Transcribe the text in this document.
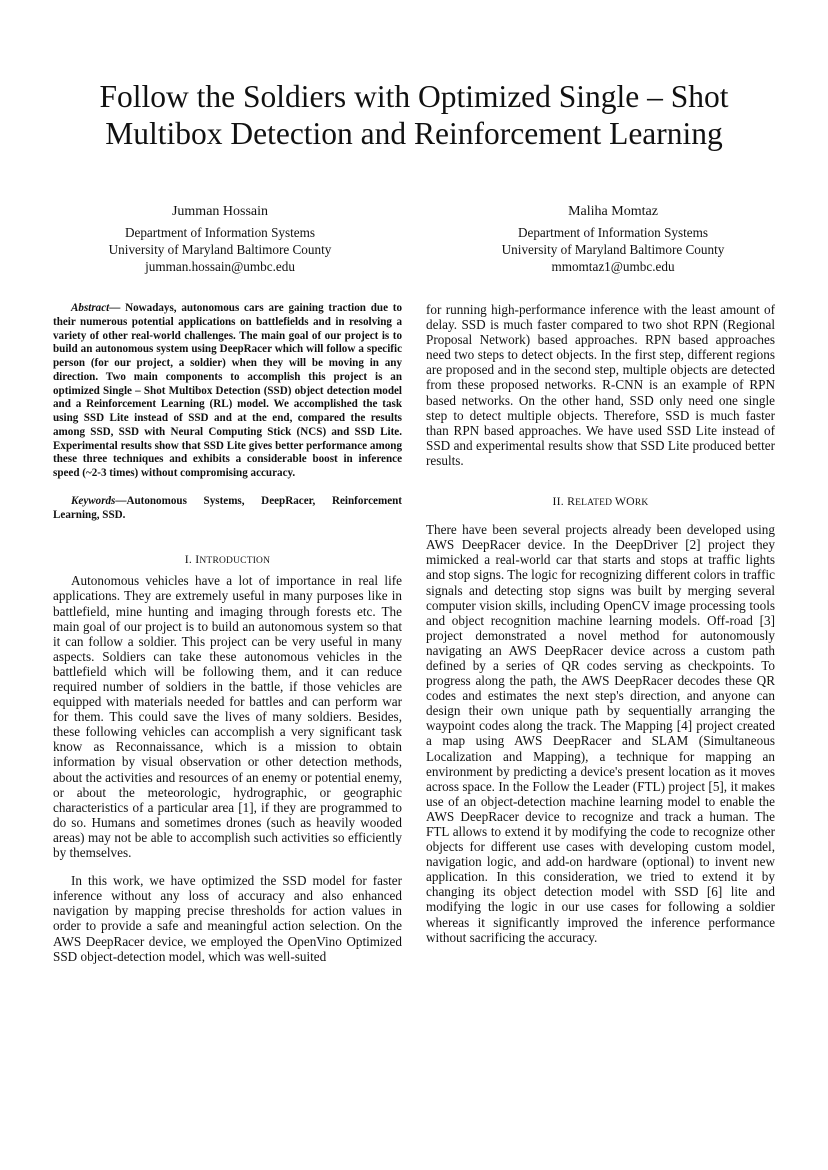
Follow the Soldiers with Optimized Single – Shot
Multibox Detection and Reinforcement Learning
Jumman Hossain
Department of Information Systems
University of Maryland Baltimore County
jumman.hossain@umbc.edu
Maliha Momtaz
Department of Information Systems
University of Maryland Baltimore County
mmomtaz1@umbc.edu

Abstract— Nowadays, autonomous cars are gaining traction due to their numerous potential applications on battlefields and in resolving a variety of other real-world challenges. The main goal of our project is to build an autonomous system using DeepRacer which will follow a specific person (for our project, a soldier) when they will be moving in any direction. Two main components to accomplish this project is an optimized Single – Shot Multibox Detection (SSD) object detection model and a Reinforcement Learning (RL) model. We accomplished the task using SSD Lite instead of SSD and at the end, compared the results among SSD, SSD with Neural Computing Stick (NCS) and SSD Lite. Experimental results show that SSD Lite gives better performance among these three techniques and exhibits a considerable boost in inference speed (~2-3 times) without compromising accuracy.

Keywords—Autonomous Systems, DeepRacer, Reinforcement Learning, SSD.

I. INTRODUCTION

Autonomous vehicles have a lot of importance in real life applications. They are extremely useful in many purposes like in battlefield, mine hunting and imaging through forests etc. The main goal of our project is to build an autonomous system so that it can follow a soldier. This project can be very useful in many aspects. Soldiers can take these autonomous vehicles in the battlefield which will be following them, and it can reduce required number of soldiers in the battle, if those vehicles are equipped with materials needed for battles and can perform war for them. This could save the lives of many soldiers. Besides, these following vehicles can accomplish a very significant task know as Reconnaissance, which is a mission to obtain information by visual observation or other detection methods, about the activities and resources of an enemy or potential enemy, or about the meteorologic, hydrographic, or geographic characteristics of a particular area [1], if they are programmed to do so. Humans and sometimes drones (such as heavily wooded areas) may not be able to accomplish such activities so efficiently by themselves.

In this work, we have optimized the SSD model for faster inference without any loss of accuracy and also enhanced navigation by mapping precise thresholds for action values in order to provide a safe and meaningful action selection. On the AWS DeepRacer device, we employed the OpenVino Optimized SSD object-detection model, which was well-suited

for running high-performance inference with the least amount of delay. SSD is much faster compared to two shot RPN (Regional Proposal Network) based approaches. RPN based approaches need two steps to detect objects. In the first step, different regions are proposed and in the second step, multiple objects are detected from these proposed networks. R-CNN is an example of RPN based networks. On the other hand, SSD only need one single step to detect multiple objects. Therefore, SSD is much faster than RPN based approaches. We have used SSD Lite instead of SSD and experimental results show that SSD Lite produced better results.

II. RELATED WORK

There have been several projects already been developed using AWS DeepRacer device. In the DeepDriver [2] project they mimicked a real-world car that starts and stops at traffic lights and stop signs. The logic for recognizing different colors in traffic signals and detecting stop signs was built by merging several computer vision skills, including OpenCV image processing tools and object recognition machine learning models. Off-road [3] project demonstrated a novel method for autonomously navigating an AWS DeepRacer device across a custom path defined by a series of QR codes serving as checkpoints. To progress along the path, the AWS DeepRacer decodes these QR codes and estimates the next step's direction, and anyone can design their own unique path by sequentially arranging the waypoint codes along the track. The Mapping [4] project created a map using AWS DeepRacer and SLAM (Simultaneous Localization and Mapping), a technique for mapping an environment by predicting a device's present location as it moves across space. In the Follow the Leader (FTL) project [5], it makes use of an object-detection machine learning model to enable the AWS DeepRacer device to recognize and track a human. The FTL allows to extend it by modifying the code to recognize other objects for different use cases with developing custom model, navigation logic, and add-on hardware (optional) to invent new application. In this consideration, we tried to extend it by changing its object detection model with SSD [6] lite and modifying the logic in our use cases for following a soldier whereas it significantly improved the inference performance without sacrificing the accuracy.
